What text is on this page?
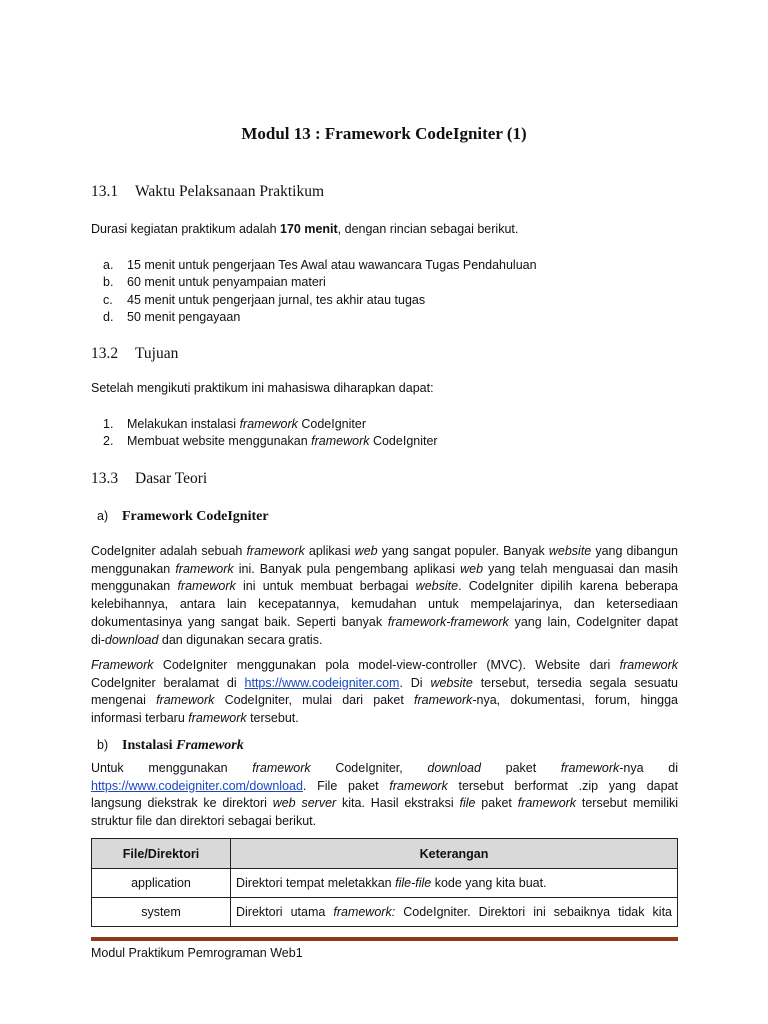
Modul 13 : Framework CodeIgniter (1)
13.1 Waktu Pelaksanaan Praktikum
Durasi kegiatan praktikum adalah 170 menit, dengan rincian sebagai berikut.
a. 15 menit untuk pengerjaan Tes Awal atau wawancara Tugas Pendahuluan
b. 60 menit untuk penyampaian materi
c. 45 menit untuk pengerjaan jurnal, tes akhir atau tugas
d. 50 menit pengayaan
13.2 Tujuan
Setelah mengikuti praktikum ini mahasiswa diharapkan dapat:
1. Melakukan instalasi framework CodeIgniter
2. Membuat website menggunakan framework CodeIgniter
13.3 Dasar Teori
a) Framework CodeIgniter
CodeIgniter adalah sebuah framework aplikasi web yang sangat populer. Banyak website yang dibangun
menggunakan framework ini. Banyak pula pengembang aplikasi web yang telah menguasai dan masih
menggunakan framework ini untuk membuat berbagai website. CodeIgniter dipilih karena beberapa
kelebihannya, antara lain kecepatannya, kemudahan untuk mempelajarinya, dan ketersediaan
dokumentasinya yang sangat baik. Seperti banyak framework-framework yang lain, CodeIgniter dapat
di-download dan digunakan secara gratis.
Framework CodeIgniter menggunakan pola model-view-controller (MVC). Website dari framework
CodeIgniter beralamat di https://www.codeigniter.com. Di website tersebut, tersedia segala sesuatu
mengenai framework CodeIgniter, mulai dari paket framework-nya, dokumentasi, forum, hingga
informasi terbaru framework tersebut.
b) Instalasi Framework
Untuk menggunakan framework CodeIgniter, download paket framework-nya di
https://www.codeigniter.com/download. File paket framework tersebut berformat .zip yang dapat
langsung diekstrak ke direktori web server kita. Hasil ekstraksi file paket framework tersebut memiliki
struktur file dan direktori sebagai berikut.
File/Direktori	Keterangan
application	Direktori tempat meletakkan file-file kode yang kita buat.
system	Direktori utama framework: CodeIgniter. Direktori ini sebaiknya tidak kita
Modul Praktikum Pemrograman Web1
